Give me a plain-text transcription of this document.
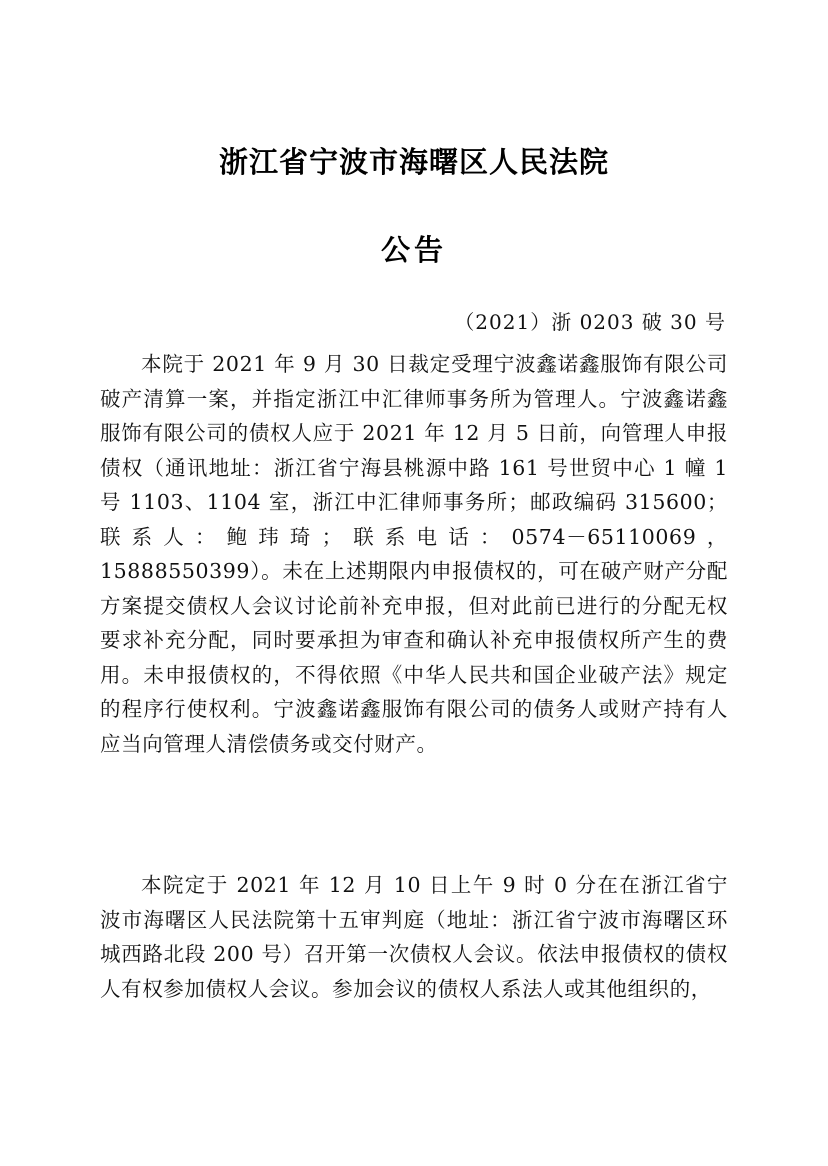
浙江省宁波市海曙区人民法院
公告

（2021）浙 0203 破 30 号

本院于 2021 年 9 月 30 日裁定受理宁波鑫诺鑫服饰有限公司破产清算一案，并指定浙江中汇律师事务所为管理人。宁波鑫诺鑫服饰有限公司的债权人应于 2021 年 12 月 5 日前，向管理人申报债权（通讯地址：浙江省宁海县桃源中路 161 号世贸中心 1 幢 1 号 1103、1104 室，浙江中汇律师事务所；邮政编码 315600；联系人：鲍玮琦；联系电话：0574－65110069，15888550399）。未在上述期限内申报债权的，可在破产财产分配方案提交债权人会议讨论前补充申报，但对此前已进行的分配无权要求补充分配，同时要承担为审查和确认补充申报债权所产生的费用。未申报债权的，不得依照《中华人民共和国企业破产法》规定的程序行使权利。宁波鑫诺鑫服饰有限公司的债务人或财产持有人应当向管理人清偿债务或交付财产。

本院定于 2021 年 12 月 10 日上午 9 时 0 分在在浙江省宁波市海曙区人民法院第十五审判庭（地址：浙江省宁波市海曙区环城西路北段 200 号）召开第一次债权人会议。依法申报债权的债权人有权参加债权人会议。参加会议的债权人系法人或其他组织的，
